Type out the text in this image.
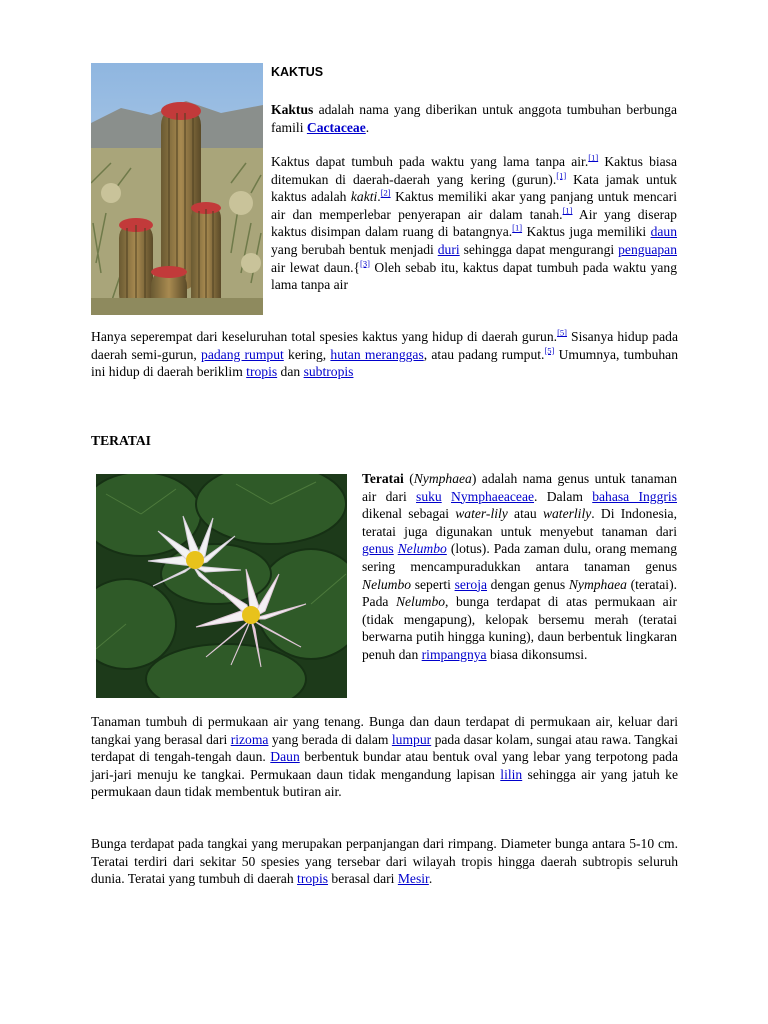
KAKTUS

Kaktus adalah nama yang diberikan untuk anggota tumbuhan berbunga famili Cactaceae.

Kaktus dapat tumbuh pada waktu yang lama tanpa air.[1] Kaktus biasa ditemukan di daerah-daerah yang kering (gurun).[1] Kata jamak untuk kaktus adalah kakti.[2] Kaktus memiliki akar yang panjang untuk mencari air dan memperlebar penyerapan air dalam tanah.[1] Air yang diserap kaktus disimpan dalam ruang di batangnya.[1] Kaktus juga memiliki daun yang berubah bentuk menjadi duri sehingga dapat mengurangi penguapan air lewat daun.{[3] Oleh sebab itu, kaktus dapat tumbuh pada waktu yang lama tanpa air

Hanya seperempat dari keseluruhan total spesies kaktus yang hidup di daerah gurun.[5] Sisanya hidup pada daerah semi-gurun, padang rumput kering, hutan meranggas, atau padang rumput.[5] Umumnya, tumbuhan ini hidup di daerah beriklim tropis dan subtropis

TERATAI

Teratai (Nymphaea) adalah nama genus untuk tanaman air dari suku Nymphaeaceae. Dalam bahasa Inggris dikenal sebagai water-lily atau waterlily. Di Indonesia, teratai juga digunakan untuk menyebut tanaman dari genus Nelumbo (lotus). Pada zaman dulu, orang memang sering mencampuradukkan antara tanaman genus Nelumbo seperti seroja dengan genus Nymphaea (teratai). Pada Nelumbo, bunga terdapat di atas permukaan air (tidak mengapung), kelopak bersemu merah (teratai berwarna putih hingga kuning), daun berbentuk lingkaran penuh dan rimpangnya biasa dikonsumsi.

Tanaman tumbuh di permukaan air yang tenang. Bunga dan daun terdapat di permukaan air, keluar dari tangkai yang berasal dari rizoma yang berada di dalam lumpur pada dasar kolam, sungai atau rawa. Tangkai terdapat di tengah-tengah daun. Daun berbentuk bundar atau bentuk oval yang lebar yang terpotong pada jari-jari menuju ke tangkai. Permukaan daun tidak mengandung lapisan lilin sehingga air yang jatuh ke permukaan daun tidak membentuk butiran air.

Bunga terdapat pada tangkai yang merupakan perpanjangan dari rimpang. Diameter bunga antara 5-10 cm. Teratai terdiri dari sekitar 50 spesies yang tersebar dari wilayah tropis hingga daerah subtropis seluruh dunia. Teratai yang tumbuh di daerah tropis berasal dari Mesir.
